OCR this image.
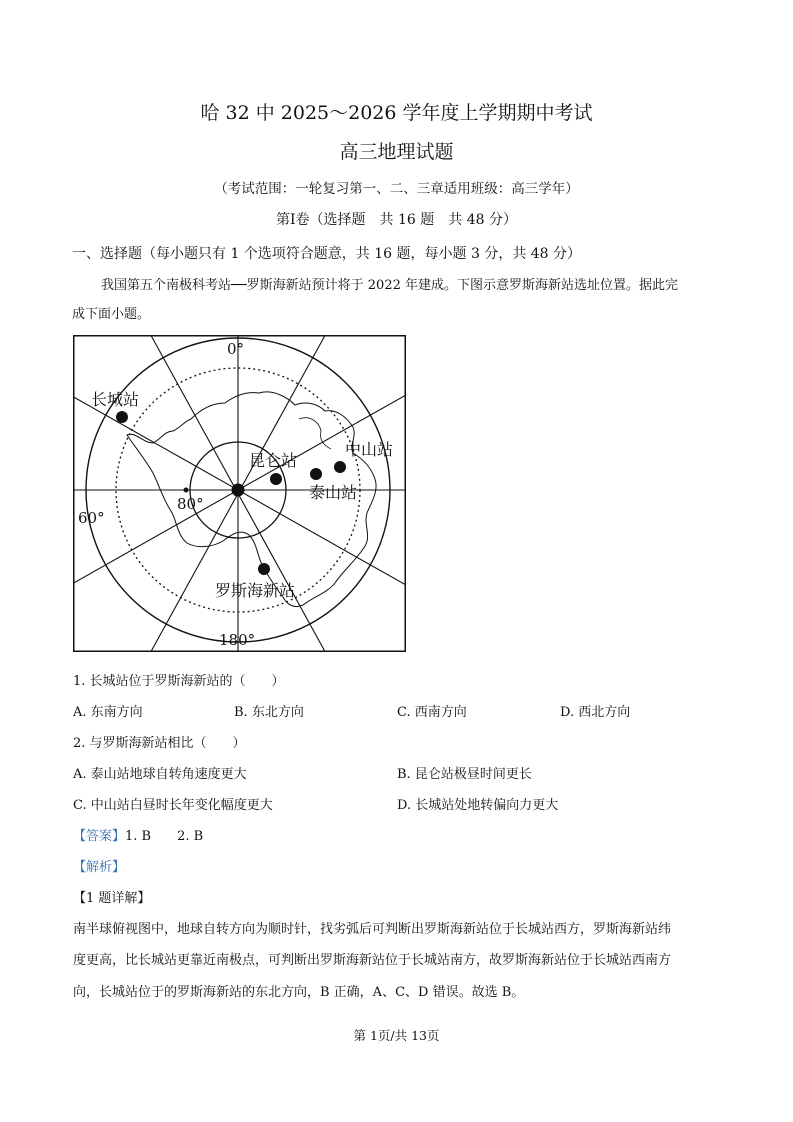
哈 32 中 2025～2026 学年度上学期期中考试
高三地理试题
（考试范围：一轮复习第一、二、三章适用班级：高三学年）
第Ⅰ卷（选择题　共 16 题　共 48 分）
一、选择题（每小题只有 1 个选项符合题意，共 16 题，每小题 3 分，共 48 分）
我国第五个南极科考站──罗斯海新站预计将于 2022 年建成。下图示意罗斯海新站选址位置。据此完
成下面小题。
0°
180°
60°
80°
长城站
昆仑站
泰山站
中山站
罗斯海新站
1. 长城站位于罗斯海新站的（　　）
A. 东南方向	B. 东北方向	C. 西南方向	D. 西北方向
2. 与罗斯海新站相比（　　）
A. 泰山站地球自转角速度更大	B. 昆仑站极昼时间更长
C. 中山站白昼时长年变化幅度更大	D. 长城站处地转偏向力更大
【答案】1. B　　2. B
【解析】
【1 题详解】
南半球俯视图中，地球自转方向为顺时针，找劣弧后可判断出罗斯海新站位于长城站西方，罗斯海新站纬
度更高，比长城站更靠近南极点，可判断出罗斯海新站位于长城站南方，故罗斯海新站位于长城站西南方
向，长城站位于的罗斯海新站的东北方向，B 正确，A、C、D 错误。故选 B。
第 1页/共 13页
